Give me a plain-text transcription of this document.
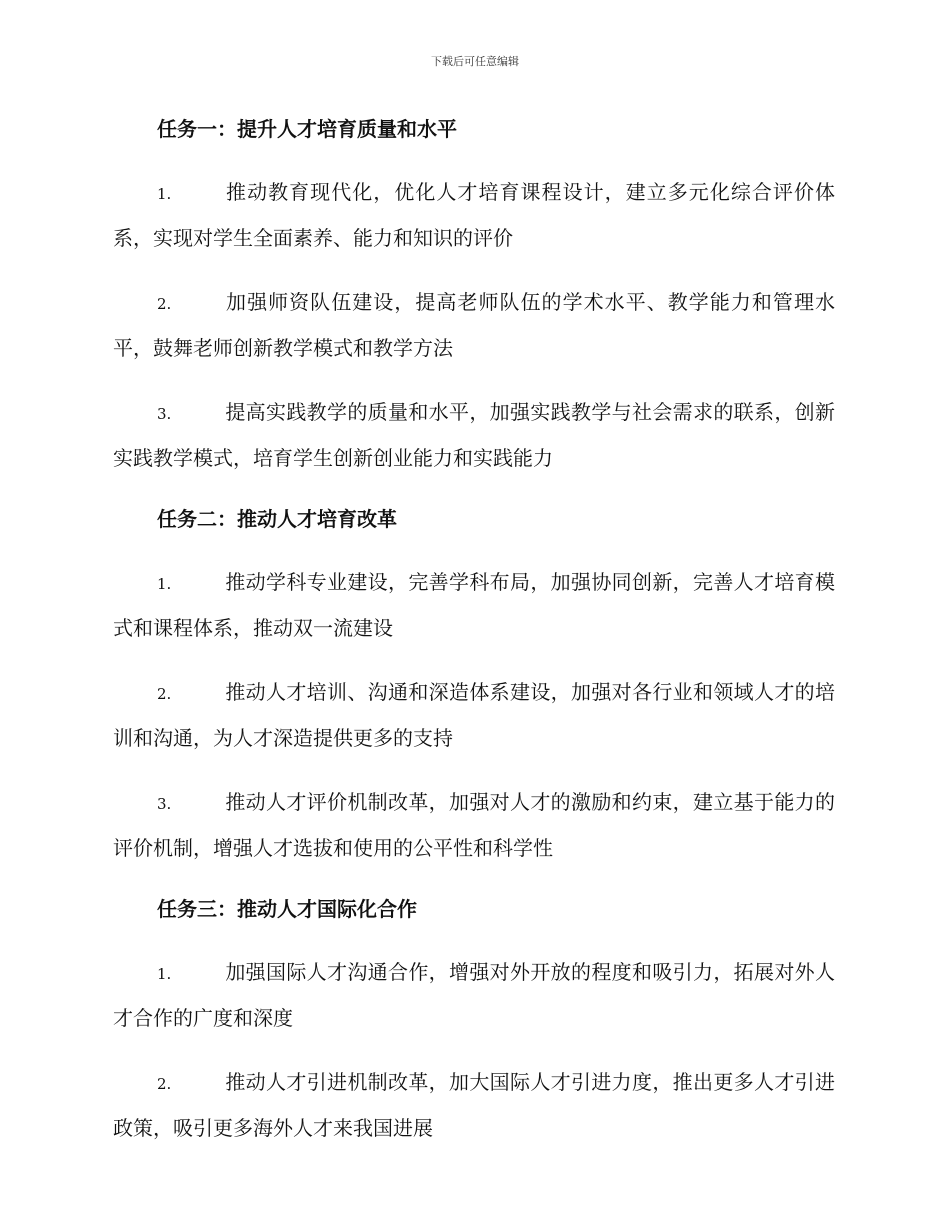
下载后可任意编辑
任务一：提升人才培育质量和水平

1.	推动教育现代化，优化人才培育课程设计，建立多元化综合评价体系，实现对学生全面素养、能力和知识的评价

2.	加强师资队伍建设，提高老师队伍的学术水平、教学能力和管理水平，鼓舞老师创新教学模式和教学方法

3.	提高实践教学的质量和水平，加强实践教学与社会需求的联系，创新实践教学模式，培育学生创新创业能力和实践能力

任务二：推动人才培育改革

1.	推动学科专业建设，完善学科布局，加强协同创新，完善人才培育模式和课程体系，推动双一流建设

2.	推动人才培训、沟通和深造体系建设，加强对各行业和领域人才的培训和沟通，为人才深造提供更多的支持

3.	推动人才评价机制改革，加强对人才的激励和约束，建立基于能力的评价机制，增强人才选拔和使用的公平性和科学性

任务三：推动人才国际化合作

1.	加强国际人才沟通合作，增强对外开放的程度和吸引力，拓展对外人才合作的广度和深度

2.	推动人才引进机制改革，加大国际人才引进力度，推出更多人才引进政策，吸引更多海外人才来我国进展
